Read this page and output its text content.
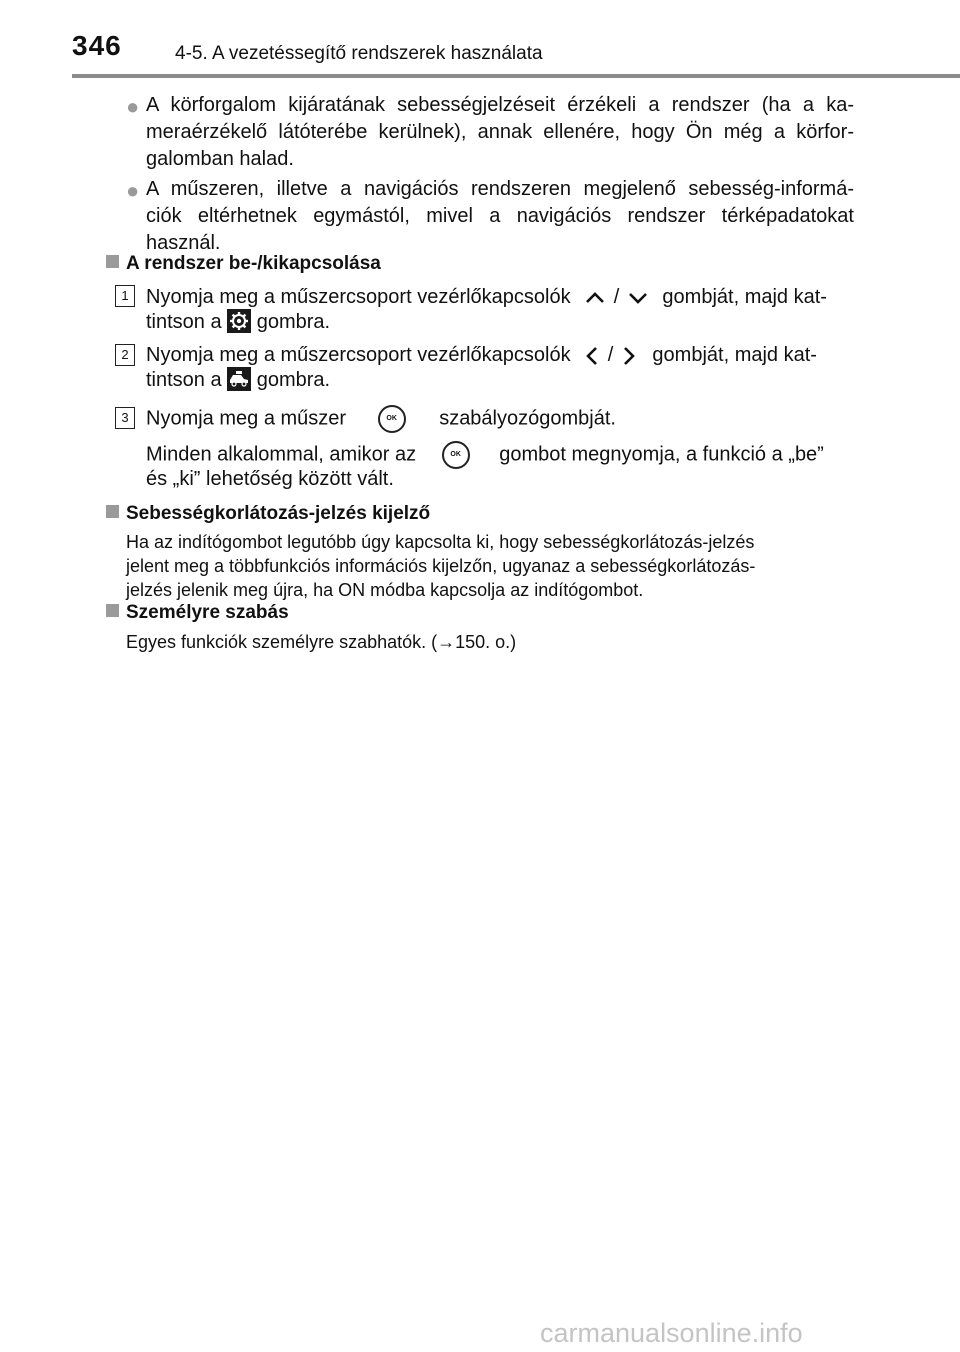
346	4-5. A vezetéssegítő rendszerek használata
● A körforgalom kijáratának sebességjelzéseit érzékeli a rendszer (ha a ka-
meraérzékelő látóterébe kerülnek), annak ellenére, hogy Ön még a körfor-
galomban halad.
● A műszeren, illetve a navigációs rendszeren megjelenő sebesség-informá-
ciók eltérhetnek egymástól, mivel a navigációs rendszer térképadatokat
használ.
A rendszer be-/kikapcsolása
1 Nyomja meg a műszercsoport vezérlőkapcsolók / gombját, majd kat-
tintson a gombra.
2 Nyomja meg a műszercsoport vezérlőkapcsolók / gombját, majd kat-
tintson a gombra.
3 Nyomja meg a műszer	OK szabályozógombját.
Minden alkalommal, amikor az	OK gombot megnyomja, a funkció a „be”
és „ki” lehetőség között vált.
Sebességkorlátozás-jelzés kijelző
Ha az indítógombot legutóbb úgy kapcsolta ki, hogy sebességkorlátozás-jelzés
jelent meg a többfunkciós információs kijelzőn, ugyanaz a sebességkorlátozás-
jelzés jelenik meg újra, ha ON módba kapcsolja az indítógombot.
Személyre szabás
Egyes funkciók személyre szabhatók. (→150. o.)
carmanualsonline.info
